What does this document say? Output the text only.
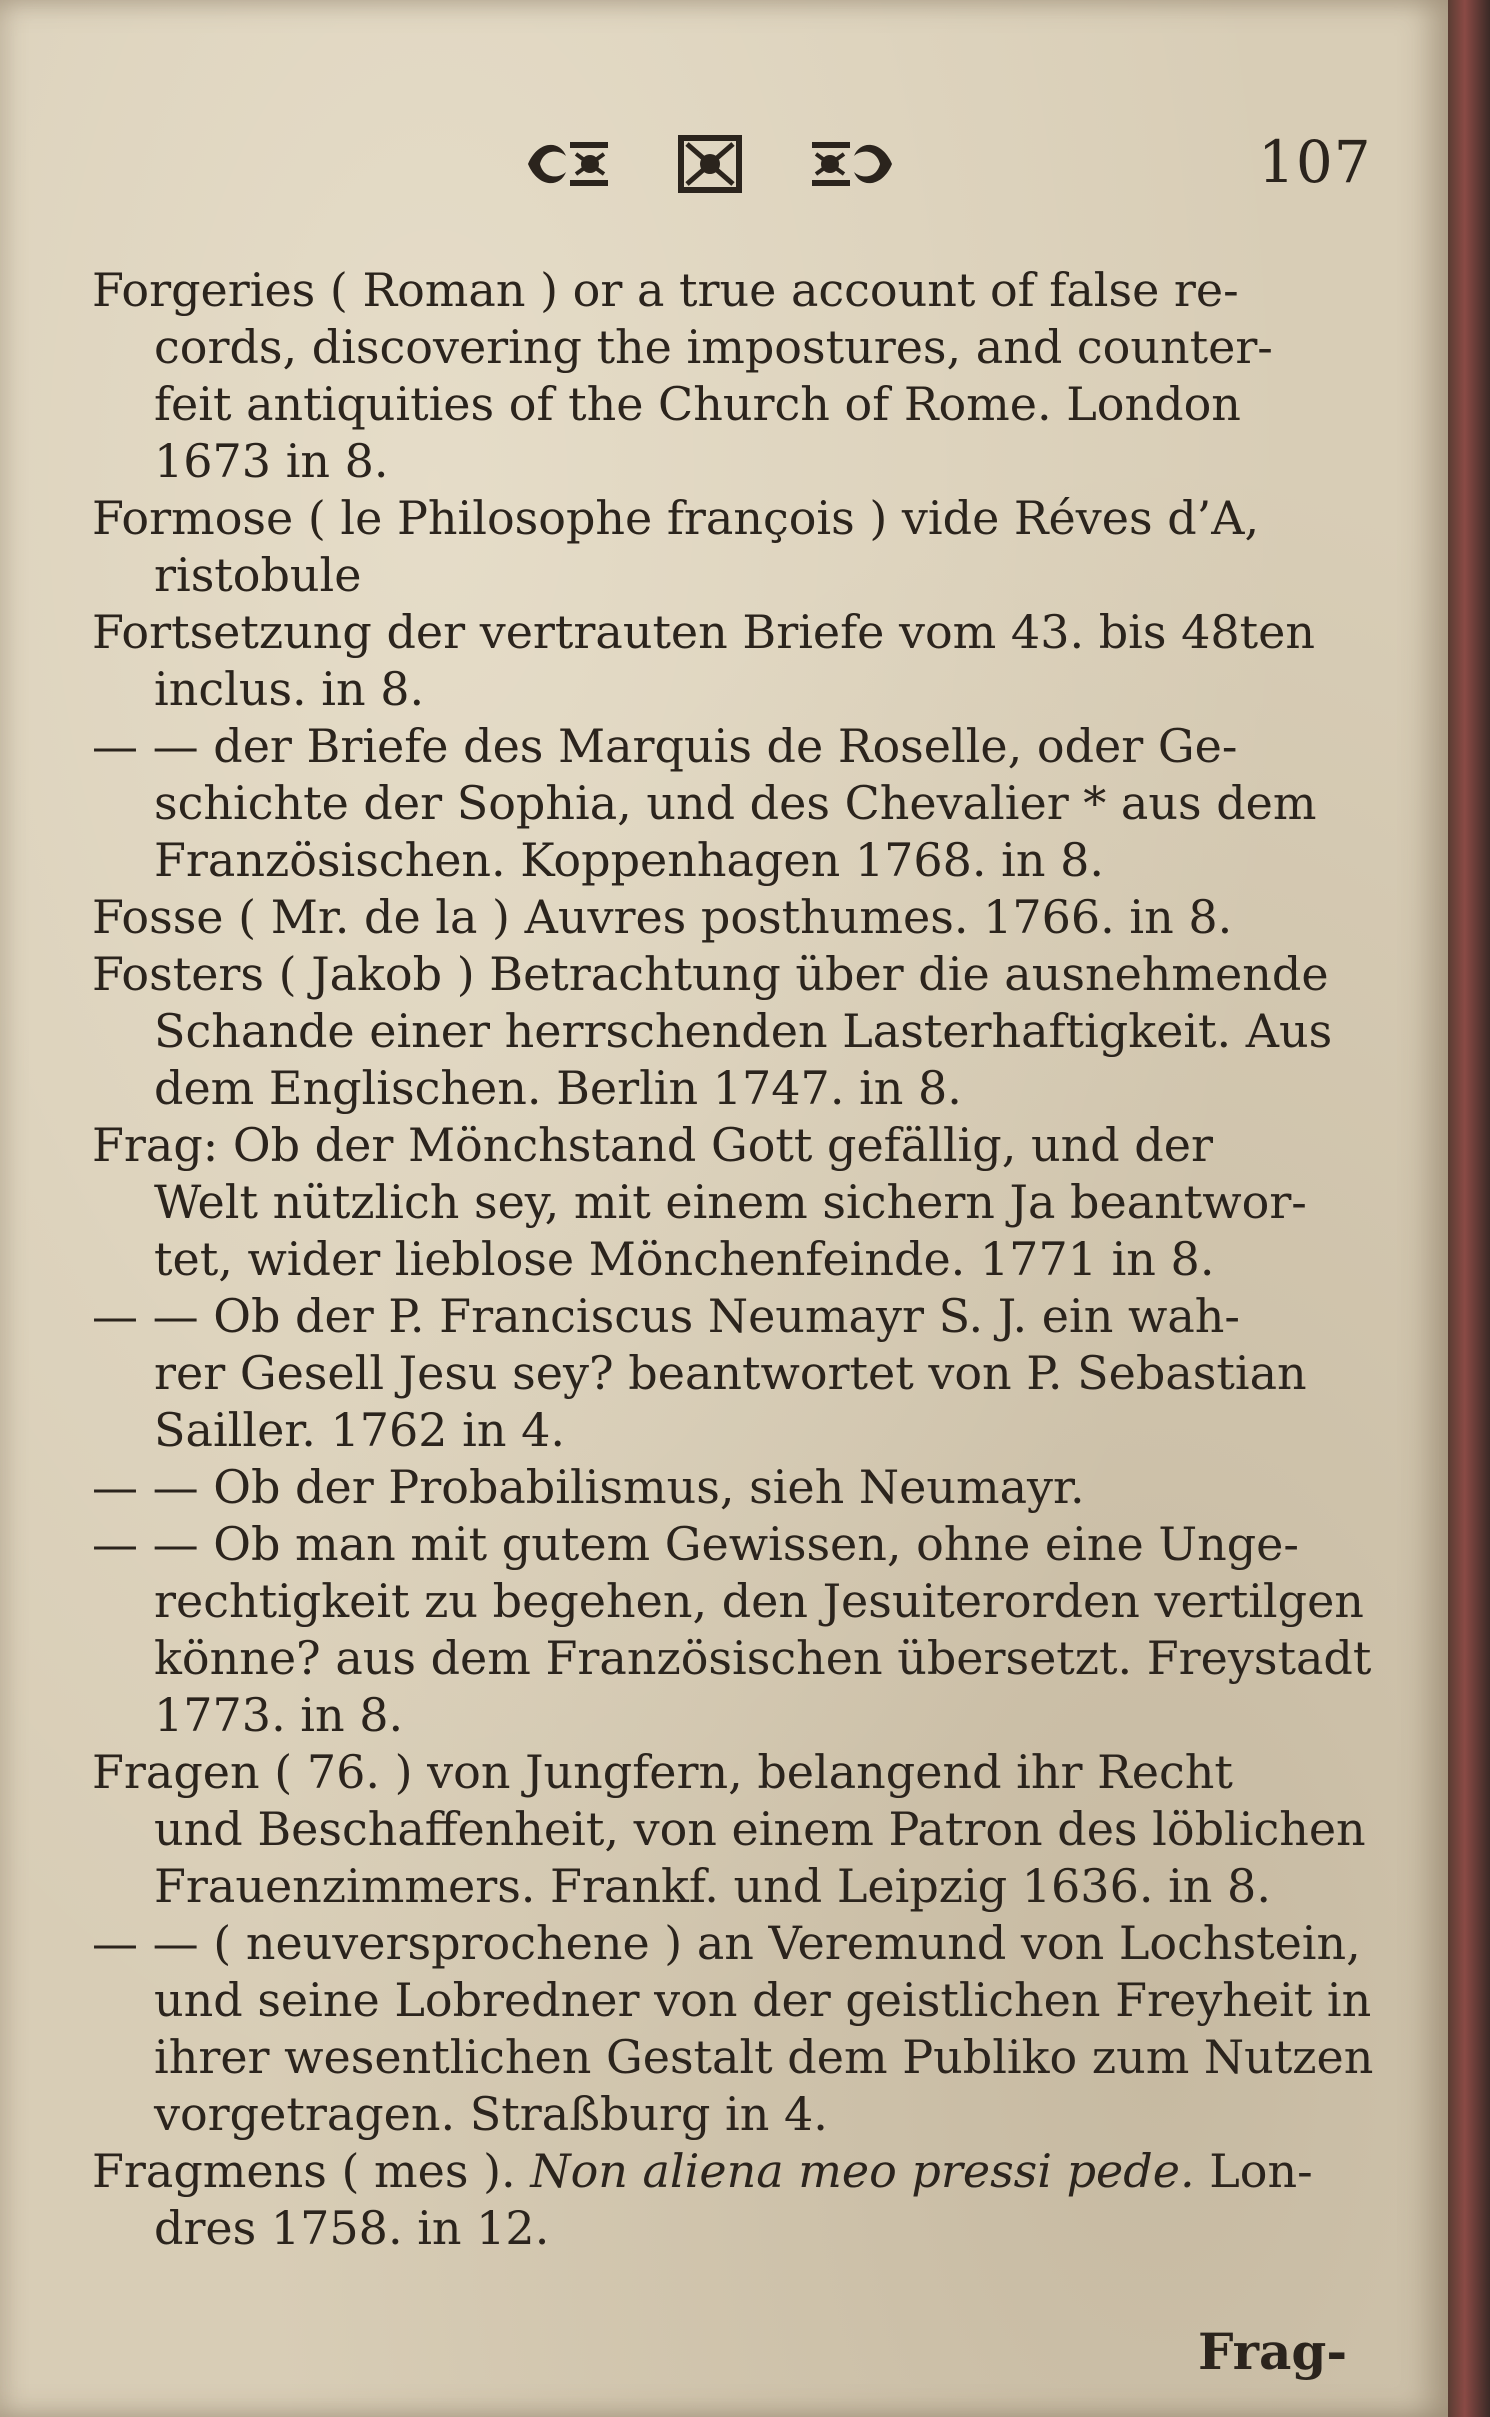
107
Forgeries ( Roman ) or a true account of false re-
cords, discovering the impostures, and counter-
feit antiquities of the Church of Rome. London
1673 in 8.
Formose ( le Philosophe françois ) vide Réves d’A,
ristobule
Fortsetzung der vertrauten Briefe vom 43. bis 48ten
inclus. in 8.
— — der Briefe des Marquis de Roselle, oder Ge-
schichte der Sophia, und des Chevalier * aus dem
Französischen. Koppenhagen 1768. in 8.
Fosse ( Mr. de la ) Auvres posthumes. 1766. in 8.
Fosters ( Jakob ) Betrachtung über die ausnehmende
Schande einer herrschenden Lasterhaftigkeit. Aus
dem Englischen. Berlin 1747. in 8.
Frag: Ob der Mönchstand Gott gefällig, und der
Welt nützlich sey, mit einem sichern Ja beantwor-
tet, wider lieblose Mönchenfeinde. 1771 in 8.
— — Ob der P. Franciscus Neumayr S. J. ein wah-
rer Gesell Jesu sey? beantwortet von P. Sebastian
Sailler. 1762 in 4.
— — Ob der Probabilismus, sieh Neumayr.
— — Ob man mit gutem Gewissen, ohne eine Unge-
rechtigkeit zu begehen, den Jesuiterorden vertilgen
könne? aus dem Französischen übersetzt. Freystadt
1773. in 8.
Fragen ( 76. ) von Jungfern, belangend ihr Recht
und Beschaffenheit, von einem Patron des löblichen
Frauenzimmers. Frankf. und Leipzig 1636. in 8.
— — ( neuversprochene ) an Veremund von Lochstein,
und seine Lobredner von der geistlichen Freyheit in
ihrer wesentlichen Gestalt dem Publiko zum Nutzen
vorgetragen. Straßburg in 4.
Fragmens ( mes ). Non aliena meo pressi pede. Lon-
dres 1758. in 12.
Frag-
